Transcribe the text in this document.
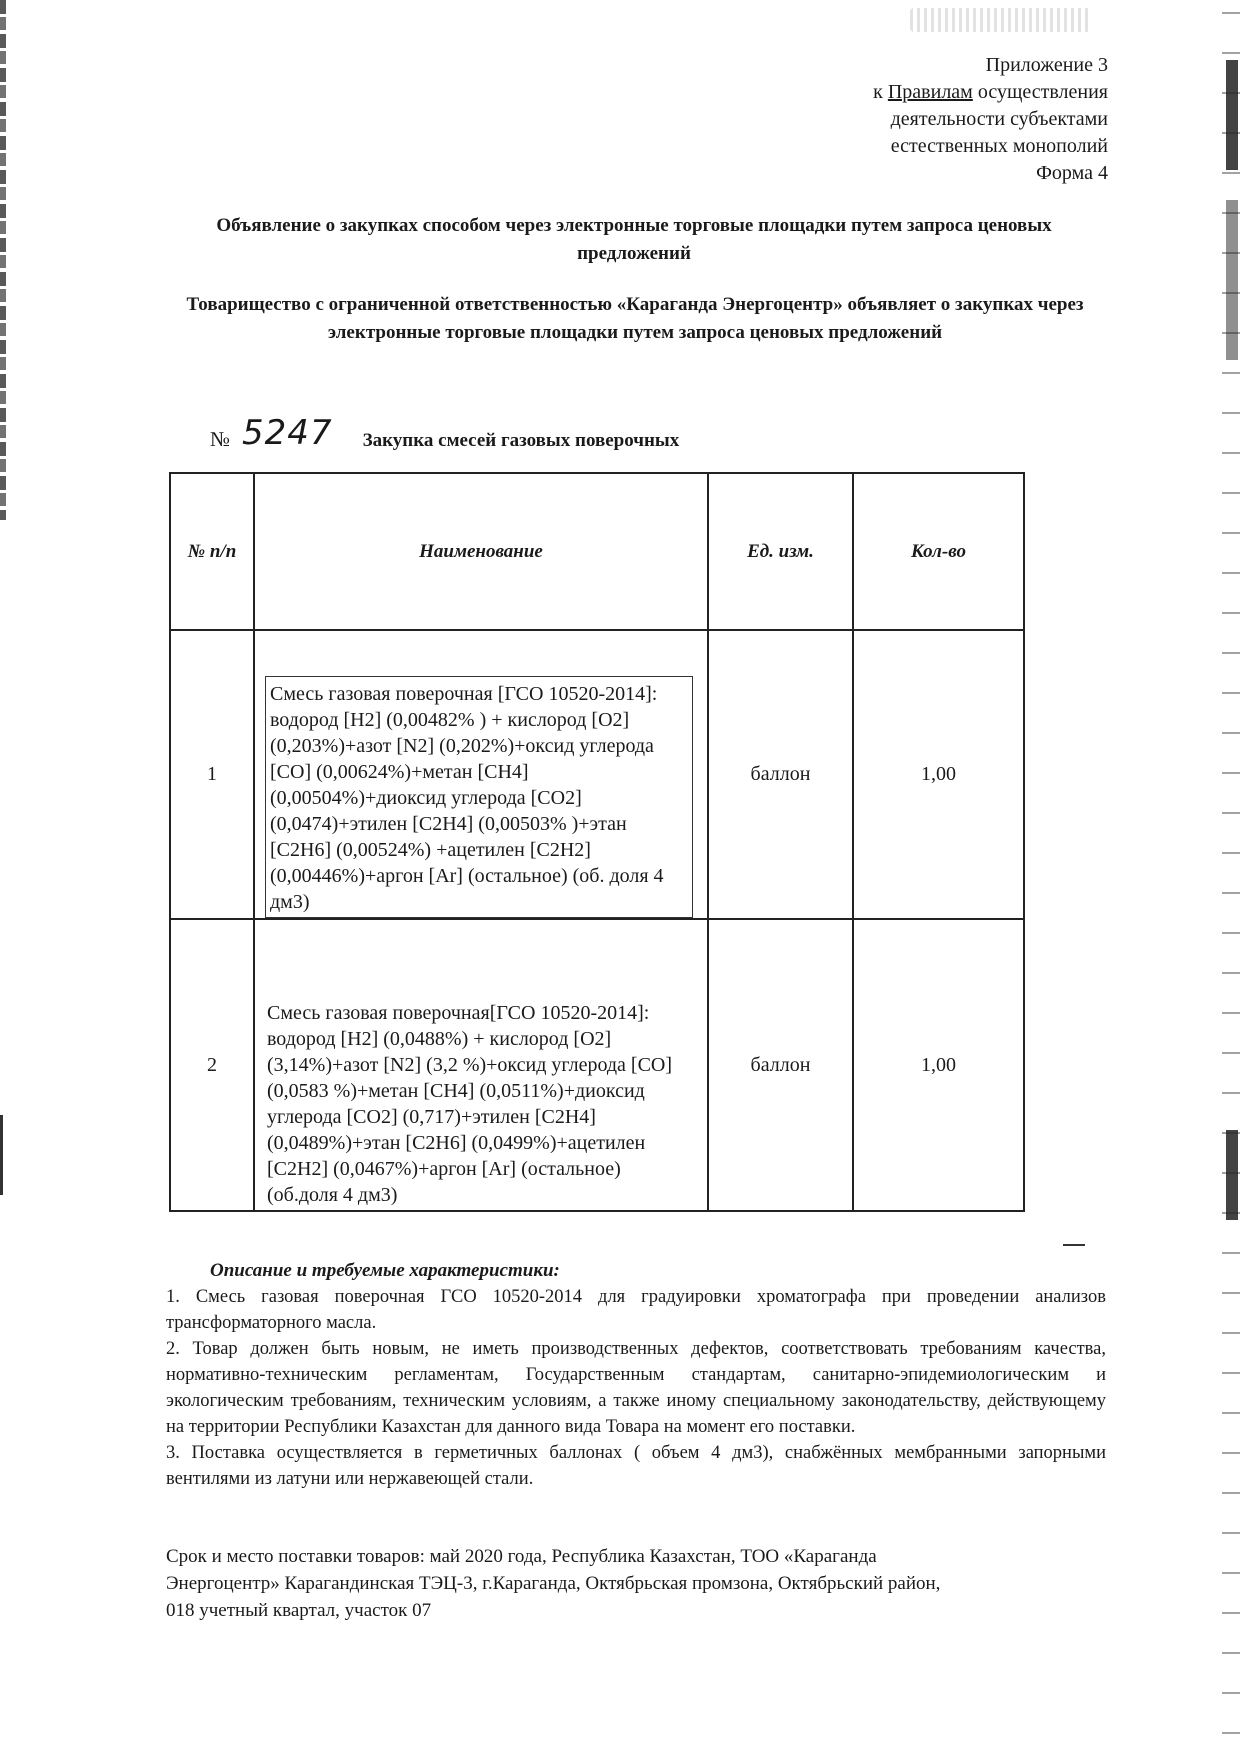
Приложение 3
к Правилам осуществления
деятельности субъектами
естественных монополий
Форма 4
Объявление о закупках способом через электронные торговые площадки путем запроса ценовых предложений
Товарищество с ограниченной ответственностью «Караганда Энергоцентр» объявляет о закупках через электронные торговые площадки путем запроса ценовых предложений
№ 5247 Закупка смесей газовых поверочных
№ п/п	Наименование	Ед. изм.	Кол-во
1	Смесь газовая поверочная [ГСО 10520-2014]: водород [Н2] (0,00482% ) + кислород [О2] (0,203%)+азот [N2] (0,202%)+оксид углерода [СО] (0,00624%)+метан [СН4] (0,00504%)+диоксид углерода [СО2] (0,0474)+этилен [С2Н4] (0,00503% )+этан [С2Н6] (0,00524%) +ацетилен [С2Н2] (0,00446%)+аргон [Ar] (остальное) (об. доля 4 дм3)	баллон	1,00
2	Смесь газовая поверочная[ГСО 10520-2014]: водород [Н2] (0,0488%) + кислород [О2] (3,14%)+азот [N2] (3,2 %)+оксид углерода [СО] (0,0583 %)+метан [СН4] (0,0511%)+диоксид углерода [СО2] (0,717)+этилен [С2Н4] (0,0489%)+этан [С2Н6] (0,0499%)+ацетилен [С2Н2] (0,0467%)+аргон [Ar] (остальное) (об.доля 4 дм3)	баллон	1,00
Описание и требуемые характеристики:

1. Смесь газовая поверочная ГСО 10520-2014 для градуировки хроматографа при проведении анализов трансформаторного масла.

2. Товар должен быть новым, не иметь производственных дефектов, соответствовать требованиям качества, нормативно-техническим регламентам, Государственным стандартам, санитарно-эпидемиологическим и экологическим требованиям, техническим условиям, а также иному специальному законодательству, действующему на территории Республики Казахстан для данного вида Товара на момент его поставки.

3. Поставка осуществляется в герметичных баллонах ( объем 4 дм3), снабжённых мембранными запорными вентилями из латуни или нержавеющей стали.

Срок и место поставки товаров: май 2020 года, Республика Казахстан, ТОО «Караганда

Энергоцентр» Карагандинская ТЭЦ-3, г.Караганда, Октябрьская промзона, Октябрьский район,

018 учетный квартал, участок 07
